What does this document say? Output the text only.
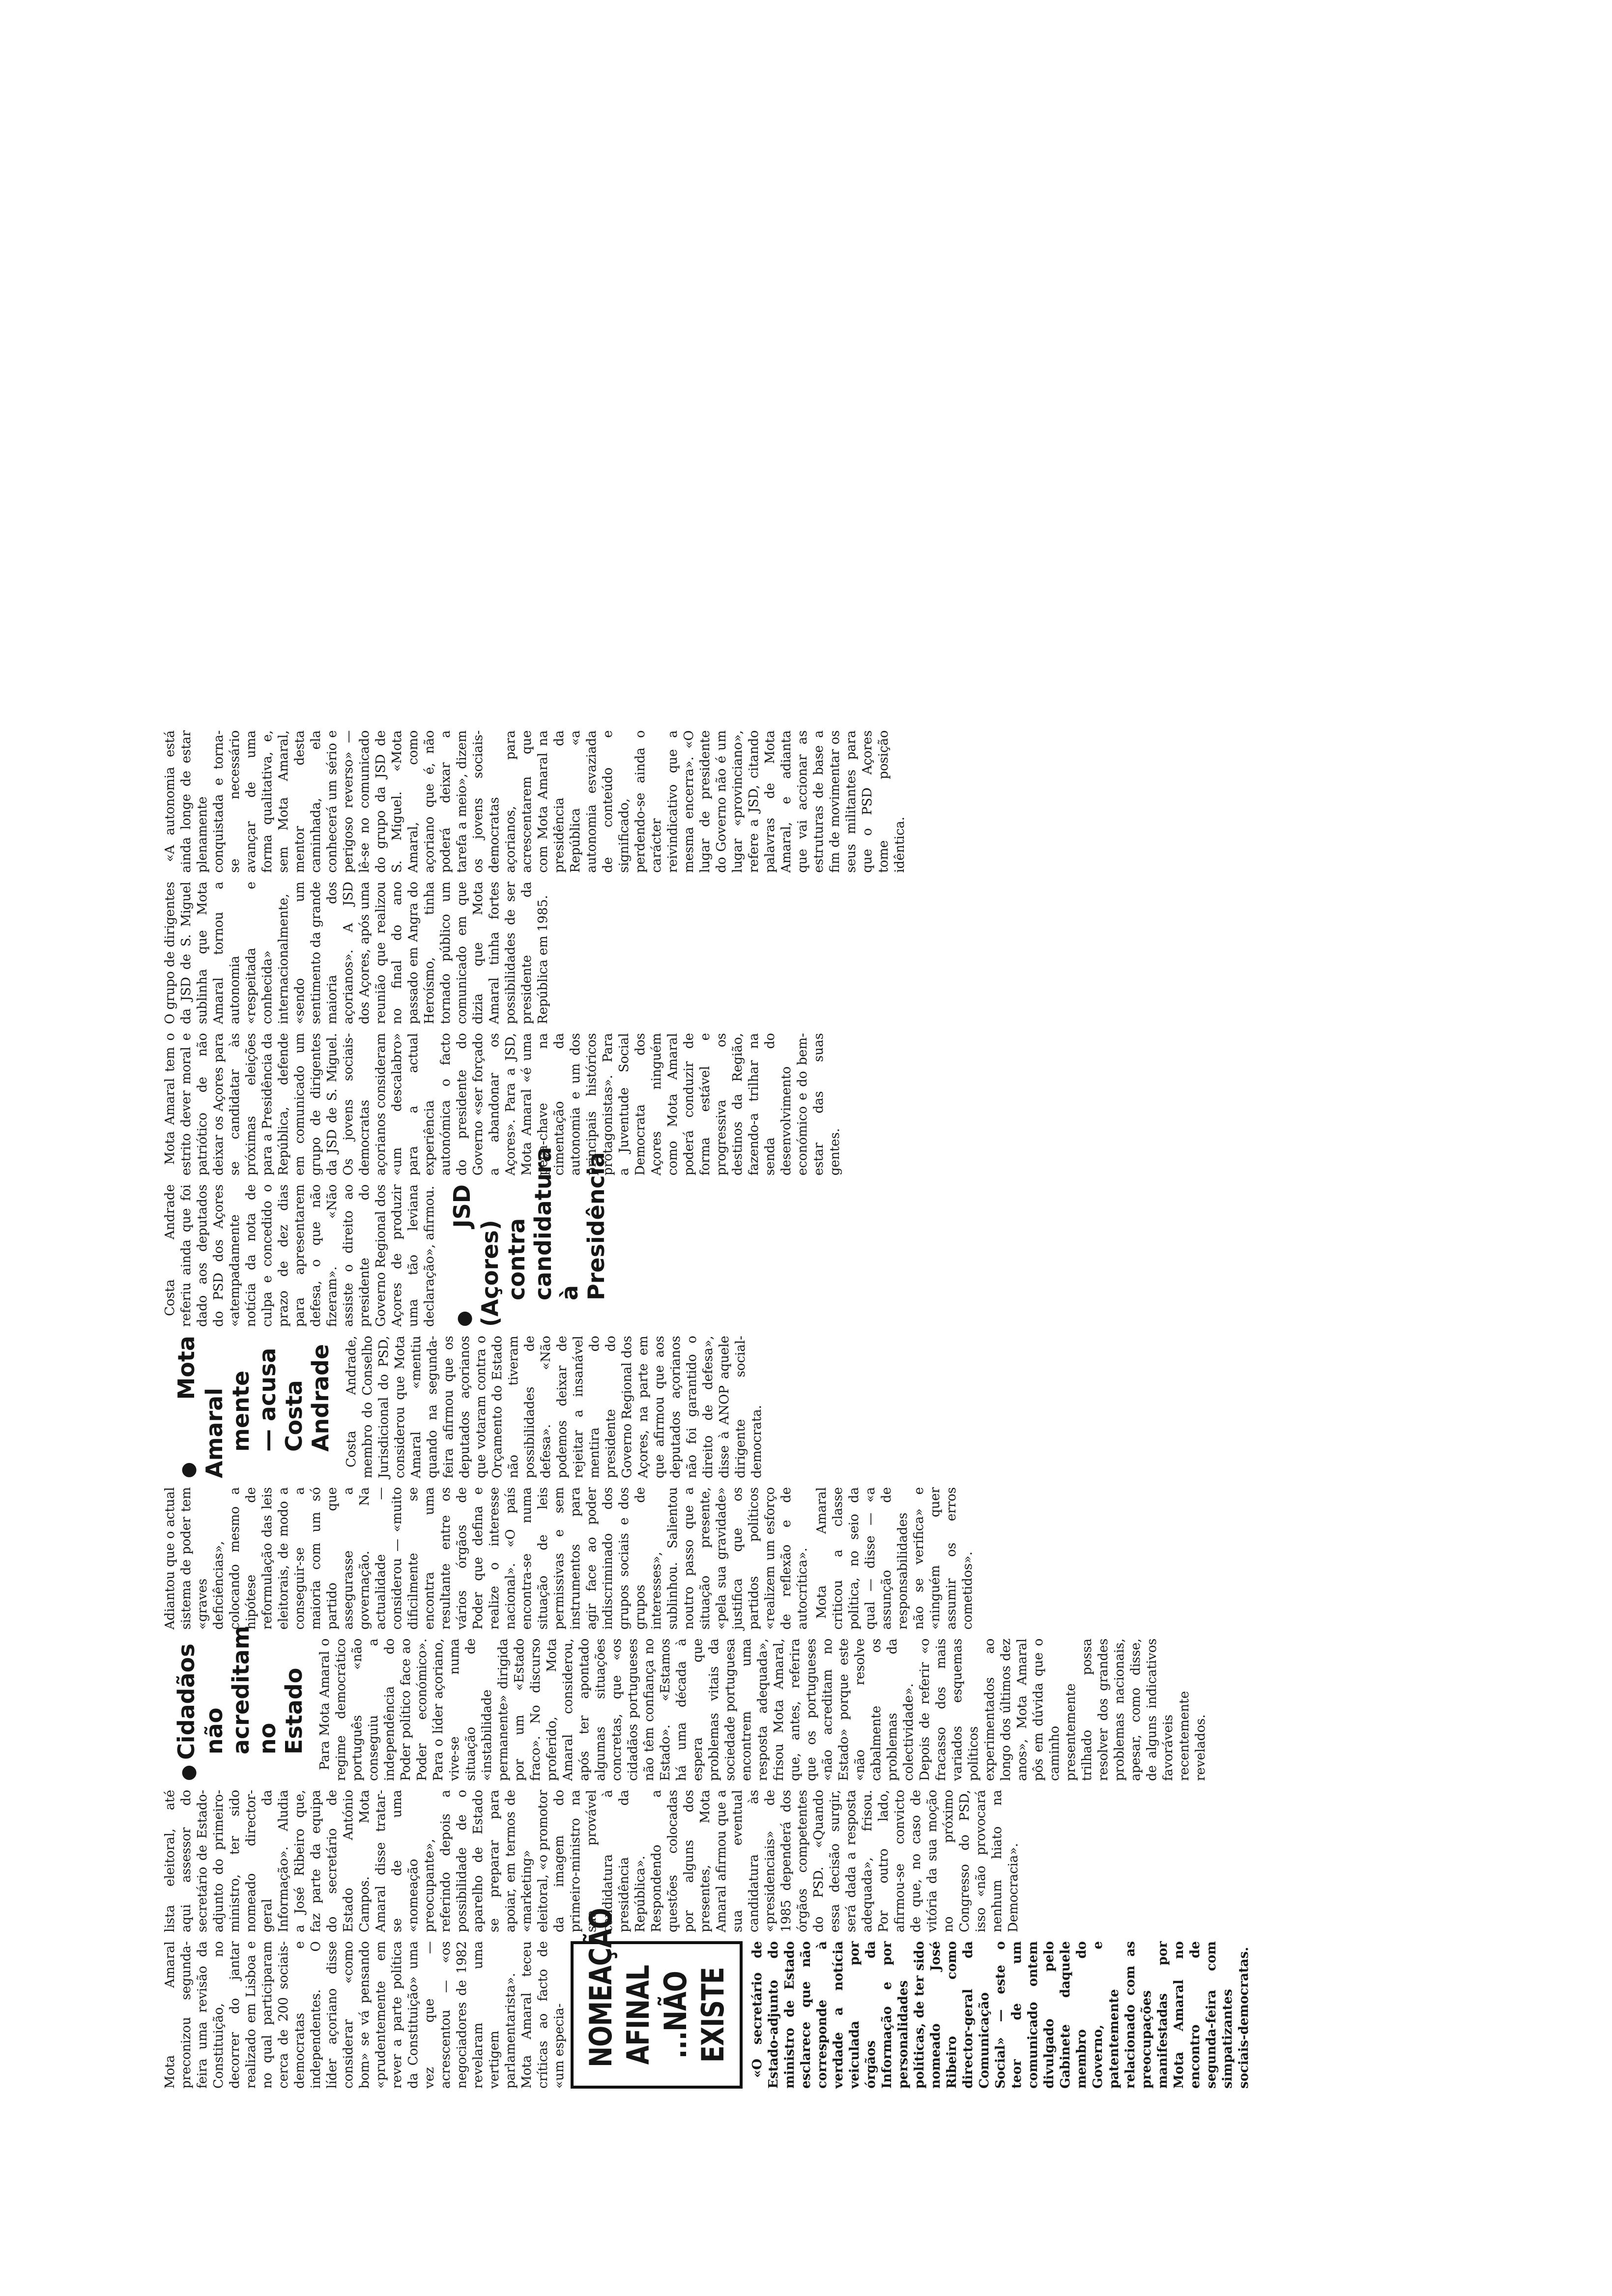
Mota Amaral preconizou segunda-feira uma revisão da Constituição, no decorrer do jantar realizado em Lisboa e no qual participaram cerca de 200 sociais-democratas e independentes. O líder açoriano disse considerar «como bom» se vá pensando «prudentemente em rever a parte política da Constituição» uma vez que — acrescentou — «os negociadores de 1982 revelaram uma vertigem parlamentarista». Mota Amaral teceu críticas ao facto de «um especia- NOMEAÇÃO AFINAL ...NÃO EXISTE «O secretário de Estado-adjunto do ministro de Estado esclarece que não corresponde à verdade a notícia veiculada por órgãos da Informação e por personalidades políticas, de ter sido nomeado José Ribeiro como director-geral da Comunicação Social» — este o teor de um comunicado ontem divulgado pelo Gabinete daquele membro do Governo, e patentemente relacionado com as preocupações manifestadas por Mota Amaral no encontro de segunda-feira com simpatizantes sociais-democratas.

lista eleitoral, até aqui assessor do secretário de Estado-adjunto do primeiro-ministro, ter sido nomeado director-geral da Informação». Aludia a José Ribeiro que, faz parte da equipa do secretário de Estado António Campos. Mota Amaral disse tratar-se de uma «nomeação preocupante», referindo depois a possibilidade de o aparelho de Estado se preparar para apoiar, em termos de «marketing» eleitoral, «o promotor da imagem do primeiro-ministro na sua provável candidatura à presidência da República». Respondendo a questões colocadas por alguns dos presentes, Mota Amaral afirmou que a sua eventual candidatura às «presidenciais» de 1985 dependerá dos órgãos competentes do PSD. «Quando essa decisão surgir, será dada a resposta adequada», frisou. Por outro lado, afirmou-se convicto de que, no caso de vitória da sua moção no próximo Congresso do PSD, isso «não provocará nenhum hiato na Democracia».

●Cidadãos não acreditam no Estado Para Mota Amaral o regime democrático português «não conseguiu a independência do Poder político face ao Poder económico». Para o líder açoriano, vive-se numa situação de «instabilidade permanente» dirigida por um «Estado fraco». No discurso proferido, Mota Amaral considerou, após ter apontado algumas situações concretas, que «os cidadãos portugueses não têm confiança no Estado». «Estamos há uma década à espera que problemas vitais da sociedade portuguesa encontrem uma resposta adequada», frisou Mota Amaral, que, antes, referira que os portugueses «não acreditam no Estado» porque este «não resolve cabalmente os problemas da colectividade». Depois de referir «o fracasso dos mais variados esquemas políticos experimentados ao longo dos últimos dez anos», Mota Amaral pôs em dúvida que o caminho presentemente trilhado possa resolver dos grandes problemas nacionais, apesar, como disse, de alguns indicativos favoráveis recentemente revelados.

Adiantou que o actual sistema de poder tem «graves deficiências», colocando mesmo a hipótese de reformulação das leis eleitorais, de modo a conseguir-se a maioria com um só partido que assegurasse a governação. Na actualidade — considerou — «muito dificilmente se encontra uma resultante entre os vários órgãos de Poder que defina e realize o interesse nacional». «O país encontra-se numa situação de leis permissivas e sem instrumentos para agir face ao poder indiscriminado dos grupos sociais e dos grupos de interesses», sublinhou. Salientou noutro passo que a situação presente, «pela sua gravidade» justifica que os partidos políticos «realizem um esforço de reflexão e de autocrítica». Mota Amaral criticou a classe política, no seio da qual — disse — «a assunção de responsabilidades não se verifica» e «ninguém quer assumir os erros cometidos».

●Mota Amaral mente — acusa Costa Andrade Costa Andrade, membro do Conselho Jurisdicional do PSD, considerou que Mota Amaral «mentiu quando na segunda-feira afirmou que os deputados açorianos que votaram contra o Orçamento do Estado não tiveram possibilidades de defesa». «Não podemos deixar de rejeitar a insanável mentira do presidente do Governo Regional dos Açores, na parte em que afirmou que aos deputados açorianos não foi garantido o direito de defesa», disse à ANOP aquele dirigente social-democrata.

Costa Andrade referiu ainda que foi dado aos deputados do PSD dos Açores «atempadamente notícia da nota de culpa e concedido o prazo de dez dias para apresentarem defesa, o que não fizeram». «Não assiste o direito ao presidente do Governo Regional dos Açores de produzir uma tão leviana declaração», afirmou. ●JSD (Açores) contra candidatura à Presidência

Mota Amaral tem o estrito dever moral e patriótico de não deixar os Açores para se candidatar às próximas eleições para a Presidência da República, defende em comunicado um grupo de dirigentes da JSD de S. Miguel. Os jovens sociais-democratas açorianos consideram «um descalabro» para a actual experiência autonómica o facto do presidente do Governo «ser forçado a abandonar os Açores». Para a JSD, Mota Amaral «é uma peça-chave na cimentação da autonomia e um dos principais históricos protagonistas». Para a Juventude Social Democrata dos Açores ninguém como Mota Amaral poderá conduzir de forma estável e progressiva os destinos da Região, fazendo-a trilhar na senda do desenvolvimento económico e do bem-estar das suas gentes.

O grupo de dirigentes da JSD de S. Miguel sublinha que Mota Amaral tornou a autonomia «respeitada e conhecida» internacionalmente, «sendo um sentimento da grande maioria dos açorianos». A JSD dos Açores, após uma reunião que realizou no final do ano passado em Angra do Heroísmo, tinha tornado público um comunicado em que dizia que Mota Amaral tinha fortes possibilidades de ser presidente da República em 1985.

«A autonomia está ainda longe de estar plenamente conquistada e torna-se necessário avançar de uma forma qualitativa, e, sem Mota Amaral, mentor desta caminhada, ela conhecerá um sério e perigoso reverso» — lê-se no comunicado do grupo da JSD de S. Miguel. «Mota Amaral, como açoriano que é, não poderá deixar a tarefa a meio», dizem os jovens sociais-democratas açorianos, para acrescentarem que com Mota Amaral na presidência da República «a autonomia esvaziada de conteúdo e significado, perdendo-se ainda o carácter reivindicativo que a mesma encerra». «O lugar de presidente do Governo não é um lugar «provinciano», refere a JSD, citando palavras de Mota Amaral, e adianta que vai accionar as estruturas de base a fim de movimentar os seus militantes para que o PSD Açores tome posição idêntica.
